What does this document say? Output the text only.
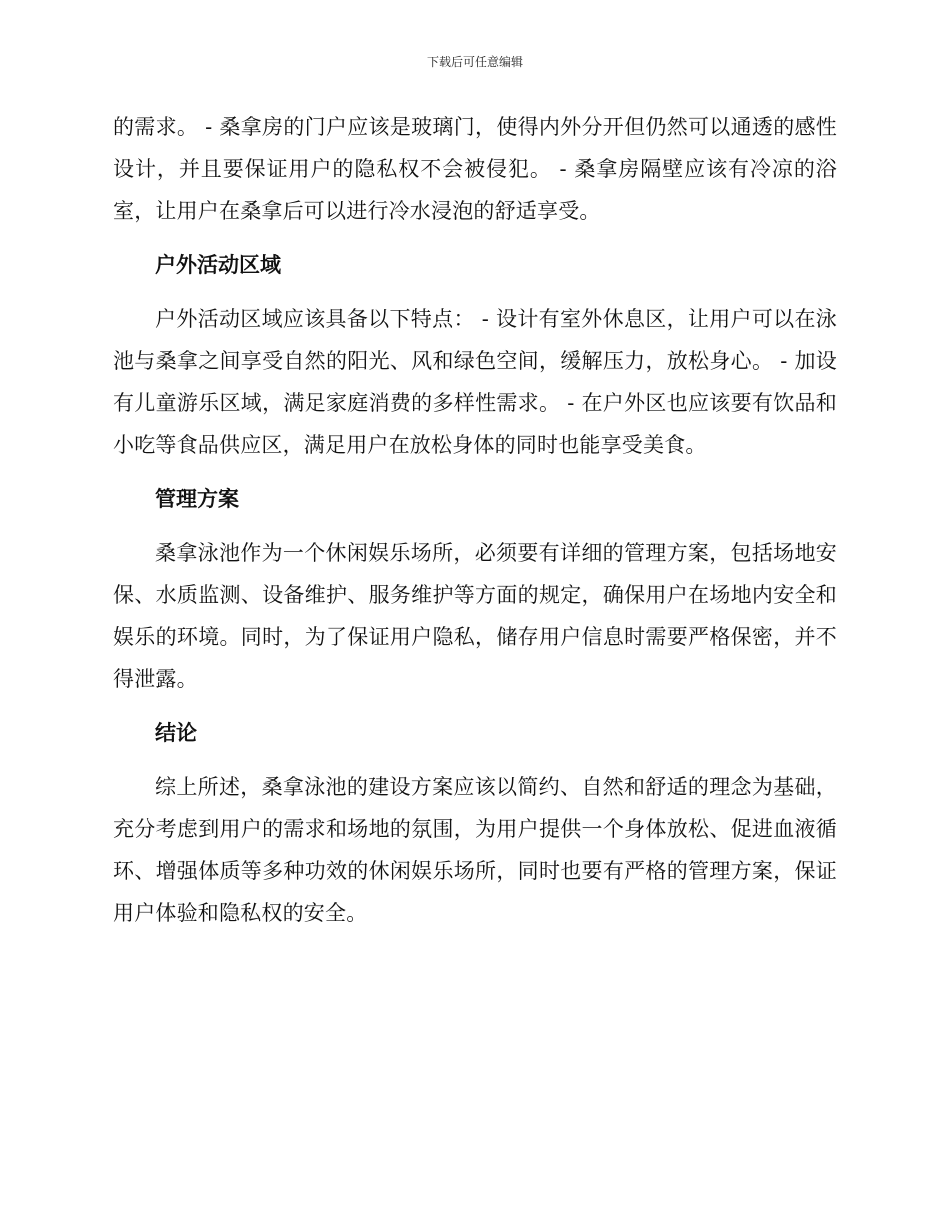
下载后可任意编辑

的需求。 - 桑拿房的门户应该是玻璃门，使得内外分开但仍然可以通透的感性设计，并且要保证用户的隐私权不会被侵犯。 - 桑拿房隔壁应该有冷凉的浴室，让用户在桑拿后可以进行冷水浸泡的舒适享受。

户外活动区域

户外活动区域应该具备以下特点： - 设计有室外休息区，让用户可以在泳池与桑拿之间享受自然的阳光、风和绿色空间，缓解压力，放松身心。 - 加设有儿童游乐区域，满足家庭消费的多样性需求。 - 在户外区也应该要有饮品和小吃等食品供应区，满足用户在放松身体的同时也能享受美食。

管理方案

桑拿泳池作为一个休闲娱乐场所，必须要有详细的管理方案，包括场地安保、水质监测、设备维护、服务维护等方面的规定，确保用户在场地内安全和娱乐的环境。同时，为了保证用户隐私，储存用户信息时需要严格保密，并不得泄露。

结论

综上所述，桑拿泳池的建设方案应该以简约、自然和舒适的理念为基础，充分考虑到用户的需求和场地的氛围，为用户提供一个身体放松、促进血液循环、增强体质等多种功效的休闲娱乐场所，同时也要有严格的管理方案，保证用户体验和隐私权的安全。
